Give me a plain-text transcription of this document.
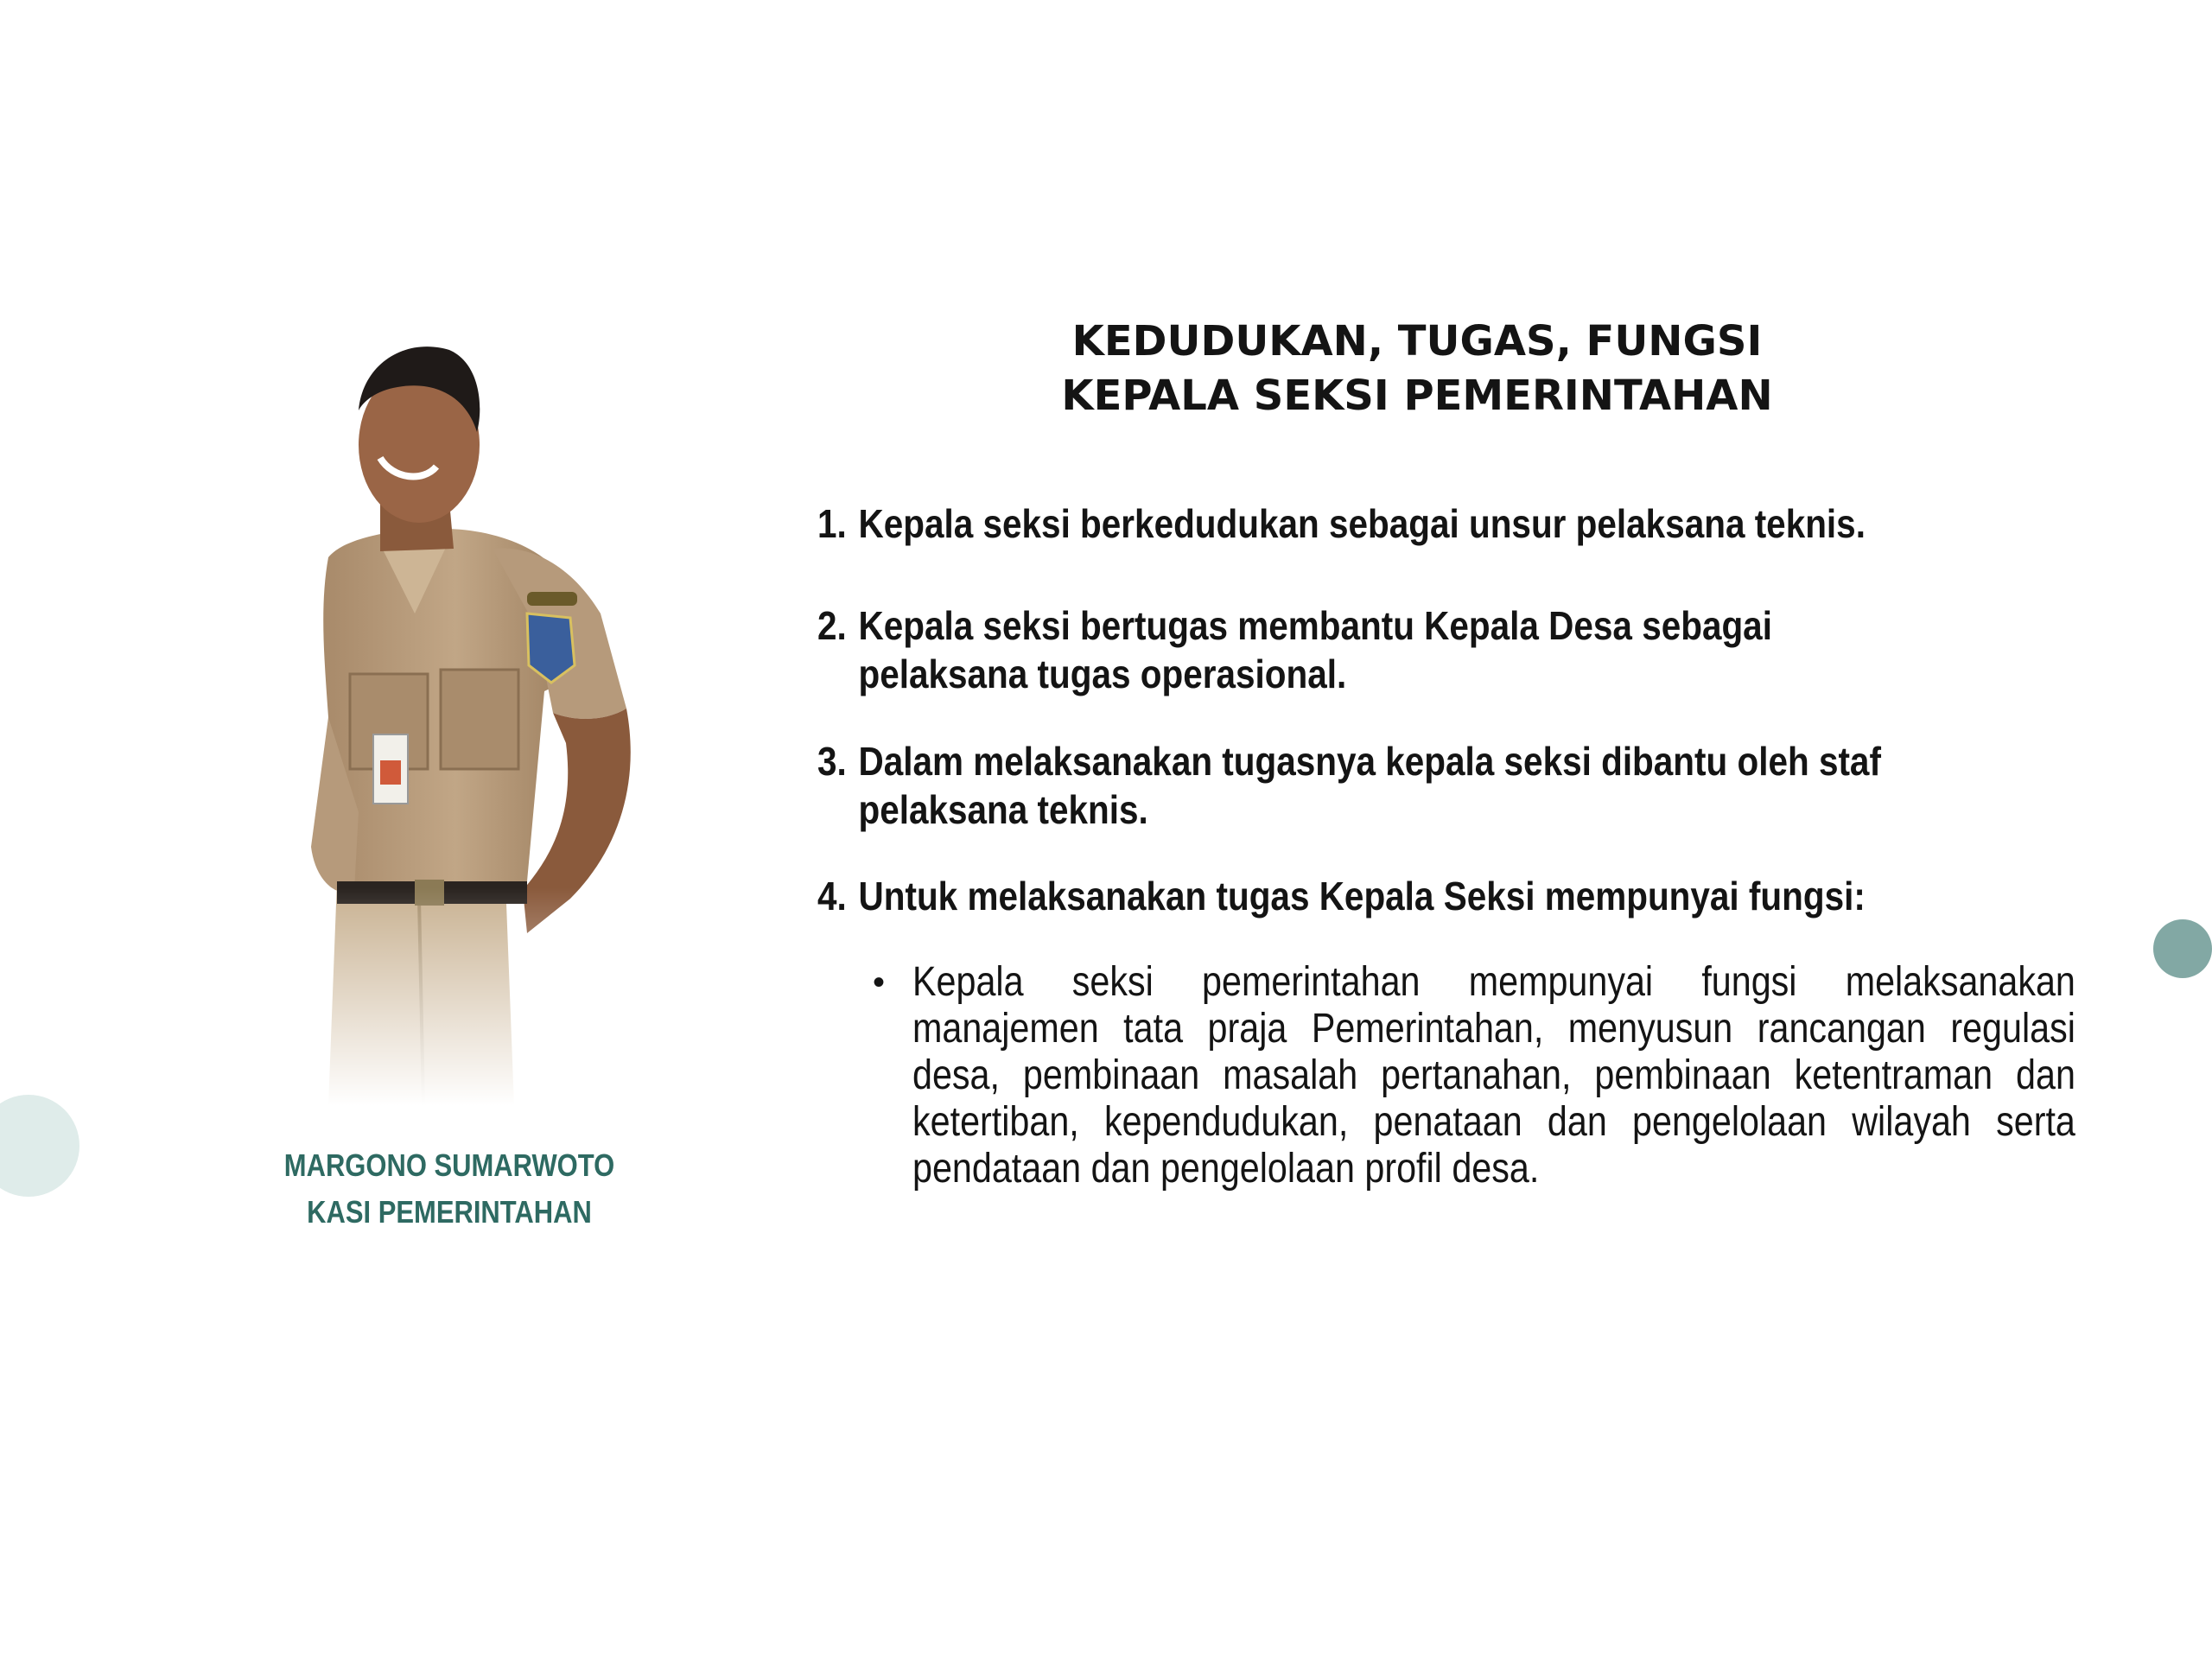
MARGONO SUMARWOTO
KASI PEMERINTAHAN
KEDUDUKAN, TUGAS, FUNGSI
KEPALA SEKSI PEMERINTAHAN
1. Kepala seksi berkedudukan sebagai unsur pelaksana teknis.
2. Kepala seksi bertugas membantu Kepala Desa sebagai pelaksana tugas operasional.
3. Dalam melaksanakan tugasnya kepala seksi dibantu oleh staf pelaksana teknis.
4. Untuk melaksanakan tugas Kepala Seksi mempunyai fungsi:
• Kepala seksi pemerintahan mempunyai fungsi melaksanakan manajemen tata praja Pemerintahan, menyusun rancangan regulasi desa, pembinaan masalah pertanahan, pembinaan ketentraman dan ketertiban, kependudukan, penataan dan pengelolaan wilayah serta pendataan dan pengelolaan profil desa.
